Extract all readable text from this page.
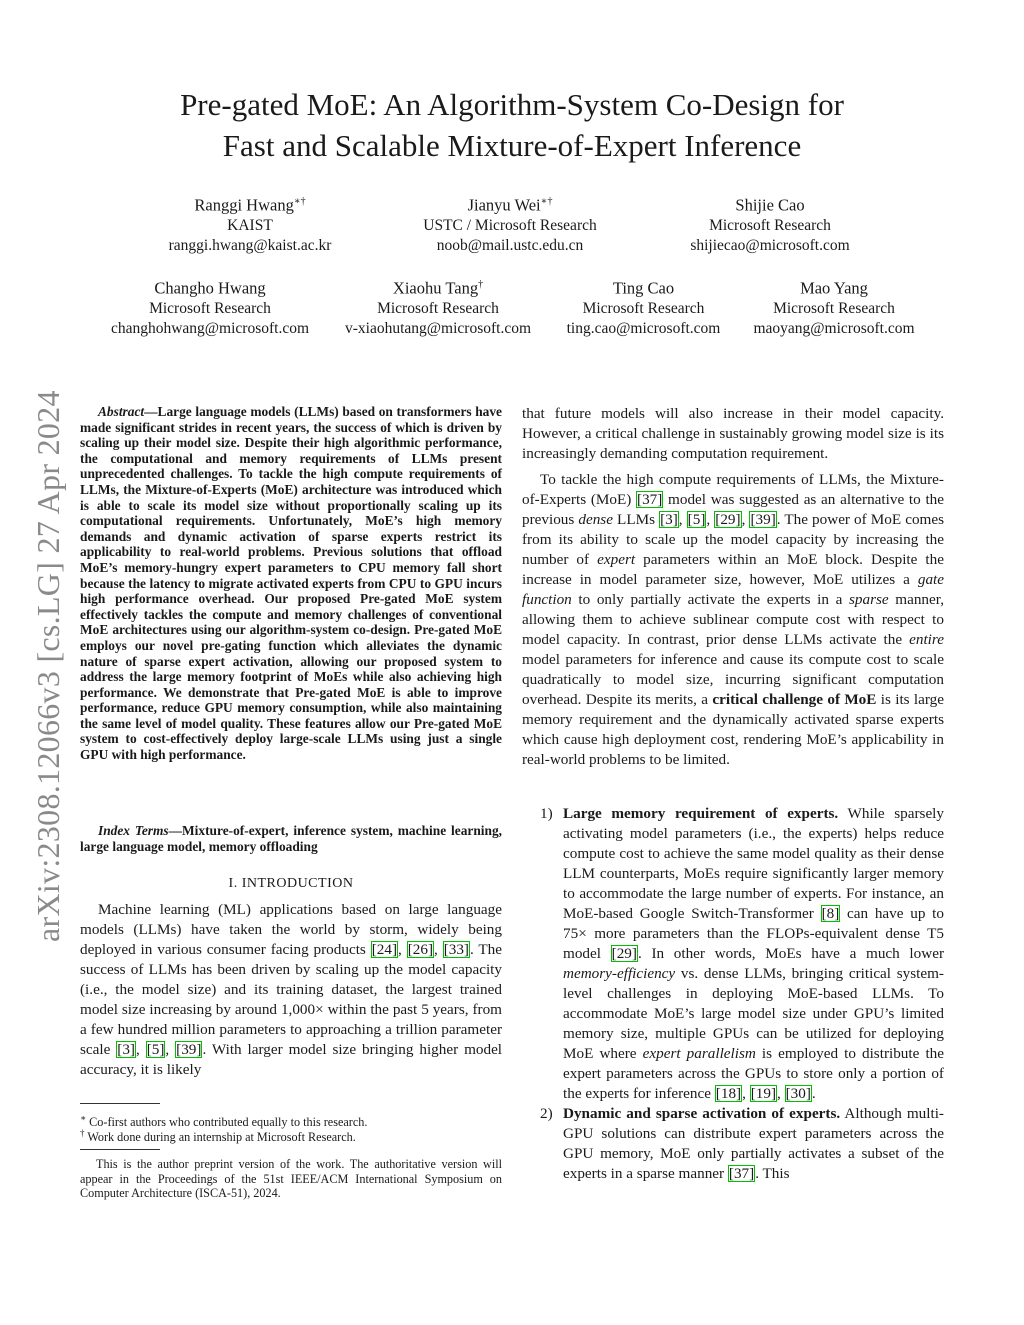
Pre-gated MoE: An Algorithm-System Co-Design for
Fast and Scalable Mixture-of-Expert Inference
Ranggi Hwang∗†
KAIST
ranggi.hwang@kaist.ac.kr
Jianyu Wei∗†
USTC / Microsoft Research
noob@mail.ustc.edu.cn
Shijie Cao
Microsoft Research
shijiecao@microsoft.com
Changho Hwang
Microsoft Research
changhohwang@microsoft.com
Xiaohu Tang†
Microsoft Research
v-xiaohutang@microsoft.com
Ting Cao
Microsoft Research
ting.cao@microsoft.com
Mao Yang
Microsoft Research
maoyang@microsoft.com
arXiv:2308.12066v3 [cs.LG] 27 Apr 2024	Abstract—Large language models (LLMs) based on transformers have made significant strides in recent years, the success of which is driven by scaling up their model size. Despite their high algorithmic performance, the computational and memory requirements of LLMs present unprecedented challenges. To tackle the high compute requirements of LLMs, the Mixture-of-Experts (MoE) architecture was introduced which is able to scale its model size without proportionally scaling up its computational requirements. Unfortunately, MoE’s high memory demands and dynamic activation of sparse experts restrict its applicability to real-world problems. Previous solutions that offload MoE’s memory-hungry expert parameters to CPU memory fall short because the latency to migrate activated experts from CPU to GPU incurs high performance overhead. Our proposed Pre-gated MoE system effectively tackles the compute and memory challenges of conventional MoE architectures using our algorithm-system co-design. Pre-gated MoE employs our novel pre-gating function which alleviates the dynamic nature of sparse expert activation, allowing our proposed system to address the large memory footprint of MoEs while also achieving high performance. We demonstrate that Pre-gated MoE is able to improve performance, reduce GPU memory consumption, while also maintaining the same level of model quality. These features allow our Pre-gated MoE system to cost-effectively deploy large-scale LLMs using just a single GPU with high performance.

Index Terms—Mixture-of-expert, inference system, machine learning, large language model, memory offloading
I. INTRODUCTION
Machine learning (ML) applications based on large language models (LLMs) have taken the world by storm, widely being deployed in various consumer facing products [24], [26], [33]. The success of LLMs has been driven by scaling up the model capacity (i.e., the model size) and its training dataset, the largest trained model size increasing by around 1,000× within the past 5 years, from a few hundred million parameters to approaching a trillion parameter scale [3], [5], [39]. With larger model size bringing higher model accuracy, it is likely
∗ Co-first authors who contributed equally to this research.
† Work done during an internship at Microsoft Research.
This is the author preprint version of the work. The authoritative version will appear in the Proceedings of the 51st IEEE/ACM International Symposium on Computer Architecture (ISCA-51), 2024.

that future models will also increase in their model capacity. However, a critical challenge in sustainably growing model size is its increasingly demanding computation requirement.

To tackle the high compute requirements of LLMs, the Mixture-of-Experts (MoE) [37] model was suggested as an alternative to the previous dense LLMs [3], [5], [29], [39]. The power of MoE comes from its ability to scale up the model capacity by increasing the number of expert parameters within an MoE block. Despite the increase in model parameter size, however, MoE utilizes a gate function to only partially activate the experts in a sparse manner, allowing them to achieve sublinear compute cost with respect to model capacity. In contrast, prior dense LLMs activate the entire model parameters for inference and cause its compute cost to scale quadratically to model size, incurring significant computation overhead. Despite its merits, a critical challenge of MoE is its large memory requirement and the dynamically activated sparse experts which cause high deployment cost, rendering MoE’s applicability in real-world problems to be limited.

1) Large memory requirement of experts. While sparsely activating model parameters (i.e., the experts) helps reduce compute cost to achieve the same model quality as their dense LLM counterparts, MoEs require significantly larger memory to accommodate the large number of experts. For instance, an MoE-based Google Switch-Transformer [8] can have up to 75× more parameters than the FLOPs-equivalent dense T5 model [29]. In other words, MoEs have a much lower memory-efficiency vs. dense LLMs, bringing critical system-level challenges in deploying MoE-based LLMs. To accommodate MoE’s large model size under GPU’s limited memory size, multiple GPUs can be utilized for deploying MoE where expert parallelism is employed to distribute the expert parameters across the GPUs to store only a portion of the experts for inference [18], [19], [30].
2) Dynamic and sparse activation of experts. Although multi-GPU solutions can distribute expert parameters across the GPU memory, MoE only partially activates a subset of the experts in a sparse manner [37]. This
